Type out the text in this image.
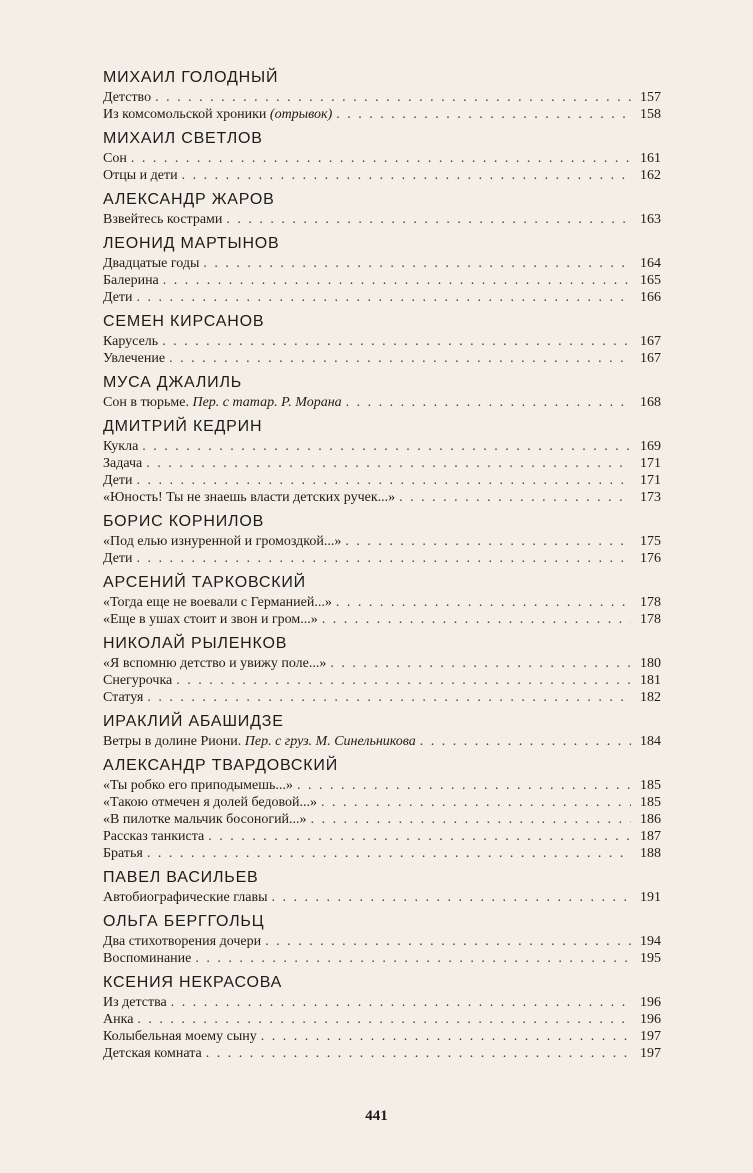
МИХАИЛ ГОЛОДНЫЙ
Детство . . .	157
Из комсомольской хроники (отрывок) . . .	158
МИХАИЛ СВЕТЛОВ
Сон . . .	161
Отцы и дети . . .	162
АЛЕКСАНДР ЖАРОВ
Взвейтесь кострами . . .	163
ЛЕОНИД МАРТЫНОВ
Двадцатые годы . . .	164
Балерина . . .	165
Дети . . .	166
СЕМЕН КИРСАНОВ
Карусель . . .	167
Увлечение . . .	167
МУСА ДЖАЛИЛЬ
Сон в тюрьме. Пер. с татар. Р. Морана . . .	168
ДМИТРИЙ КЕДРИН
Кукла . . .	169
Задача . . .	171
Дети . . .	171
«Юность! Ты не знаешь власти детских ручек...» . . .	173
БОРИС КОРНИЛОВ
«Под елью изнуренной и громоздкой...» . . .	175
Дети . . .	176
АРСЕНИЙ ТАРКОВСКИЙ
«Тогда еще не воевали с Германией...» . . .	178
«Еще в ушах стоит и звон и гром...» . . .	178
НИКОЛАЙ РЫЛЕНКОВ
«Я вспомню детство и увижу поле...» . . .	180
Снегурочка . . .	181
Статуя . . .	182
ИРАКЛИЙ АБАШИДЗЕ
Ветры в долине Риони. Пер. с груз. М. Синельникова . . .	184
АЛЕКСАНДР ТВАРДОВСКИЙ
«Ты робко его приподымешь...» . . .	185
«Такою отмечен я долей бедовой...» . . .	185
«В пилотке мальчик босоногий...» . . .	186
Рассказ танкиста . . .	187
Братья . . .	188
ПАВЕЛ ВАСИЛЬЕВ
Автобиографические главы . . .	191
ОЛЬГА БЕРГГОЛЬЦ
Два стихотворения дочери . . .	194
Воспоминание . . .	195
КСЕНИЯ НЕКРАСОВА
Из детства . . .	196
Анка . . .	196
Колыбельная моему сыну . . .	197
Детская комната . . .	197
441
